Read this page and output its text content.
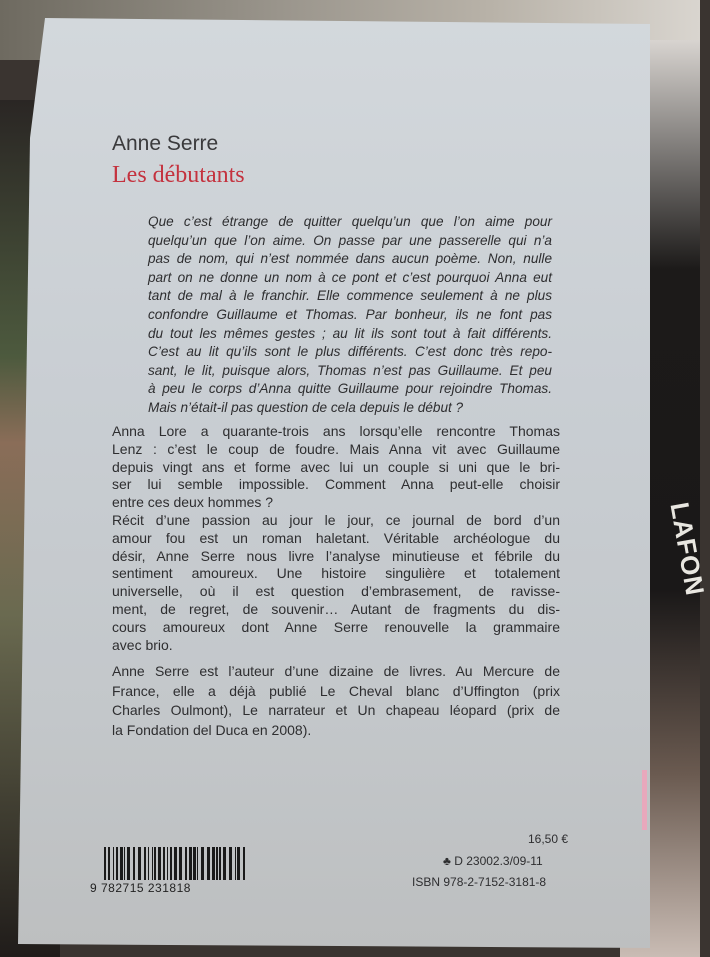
LAFON
Anne Serre
Les débutants
Que c’est étrange de quitter quelqu’un que l’on aime pour
quelqu’un que l’on aime. On passe par une passerelle qui n’a
pas de nom, qui n’est nommée dans aucun poème. Non, nulle
part on ne donne un nom à ce pont et c’est pourquoi Anna eut
tant de mal à le franchir. Elle commence seulement à ne plus
confondre Guillaume et Thomas. Par bonheur, ils ne font pas
du tout les mêmes gestes ; au lit ils sont tout à fait différents.
C’est au lit qu’ils sont le plus différents. C’est donc très repo-
sant, le lit, puisque alors, Thomas n’est pas Guillaume. Et peu
à peu le corps d’Anna quitte Guillaume pour rejoindre Thomas.
Mais n’était-il pas question de cela depuis le début ?
Anna Lore a quarante-trois ans lorsqu’elle rencontre Thomas
Lenz : c’est le coup de foudre. Mais Anna vit avec Guillaume
depuis vingt ans et forme avec lui un couple si uni que le bri-
ser lui semble impossible. Comment Anna peut-elle choisir
entre ces deux hommes ?
Récit d’une passion au jour le jour, ce journal de bord d’un
amour fou est un roman haletant. Véritable archéologue du
désir, Anne Serre nous livre l’analyse minutieuse et fébrile du
sentiment amoureux. Une histoire singulière et totalement
universelle, où il est question d’embrasement, de ravisse-
ment, de regret, de souvenir… Autant de fragments du dis-
cours amoureux dont Anne Serre renouvelle la grammaire
avec brio.
Anne Serre est l’auteur d’une dizaine de livres. Au Mercure de
France, elle a déjà publié Le Cheval blanc d’Uffington (prix
Charles Oulmont), Le narrateur et Un chapeau léopard (prix de
la Fondation del Duca en 2008).
16,50 €
♣ D 23002.3/09-11
ISBN 978-2-7152-3181-8
9 782715 231818
